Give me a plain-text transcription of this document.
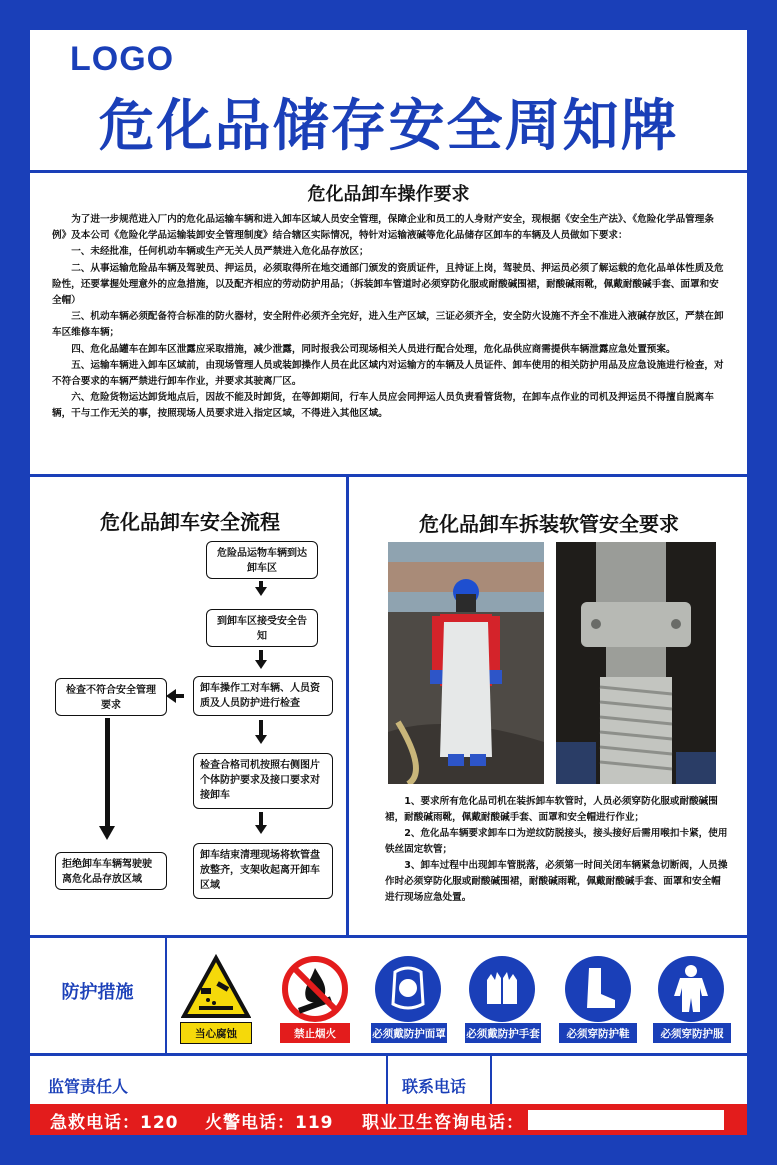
LOGO
危化品储存安全周知牌
危化品卸车操作要求

为了进一步规范进入厂内的危化品运输车辆和进入卸车区域人员安全管理，保障企业和员工的人身财产安全，现根据《安全生产法》、《危险化学品管理条例》及本公司《危险化学品运输装卸安全管理制度》结合辖区实际情况，特针对运输液碱等危化品储存区卸车的车辆及人员做如下要求：

一、未经批准，任何机动车辆或生产无关人员严禁进入危化品存放区；

二、从事运输危险品车辆及驾驶员、押运员，必须取得所在地交通部门颁发的资质证件，且持证上岗，驾驶员、押运员必须了解运载的危化品单体性质及危险性，还要掌握处理意外的应急措施，以及配齐相应的劳动防护用品；（拆装卸车管道时必须穿防化服或耐酸碱围裙，耐酸碱雨靴，佩戴耐酸碱手套、面罩和安全帽）

三、机动车辆必须配备符合标准的防火器材，安全附件必须齐全完好，进入生产区域，三证必须齐全，安全防火设施不齐全不准进入液碱存放区，严禁在卸车区维修车辆；

四、危化品罐车在卸车区泄露应采取措施，减少泄露，同时报我公司现场相关人员进行配合处理，危化品供应商需提供车辆泄露应急处置预案。

五、运输车辆进入卸车区域前，由现场管理人员或装卸操作人员在此区域内对运输方的车辆及人员证件、卸车使用的相关防护用品及应急设施进行检查，对不符合要求的车辆严禁进行卸车作业，并要求其驶离厂区。

六、危险货物运达卸货地点后，因故不能及时卸货，在等卸期间，行车人员应会同押运人员负责看管货物，在卸车点作业的司机及押运员不得擅自脱离车辆，干与工作无关的事，按照现场人员要求进入指定区域，不得进入其他区域。

危化品卸车安全流程
危险品运物车辆到达卸车区
到卸车区接受安全告知
卸车操作工对车辆、人员资质及人员防护进行检查
检查合格司机按照右侧图片个体防护要求及接口要求对接卸车
卸车结束清理现场将软管盘放整齐，支架收起离开卸车区域
检查不符合安全管理要求
拒绝卸车车辆驾驶驶离危化品存放区域
危化品卸车拆装软管安全要求

1、要求所有危化品司机在装拆卸车软管时，人员必须穿防化服或耐酸碱围裙，耐酸碱雨靴，佩戴耐酸碱手套、面罩和安全帽进行作业；

2、危化品车辆要求卸车口为逆纹防脱接头，接头接好后需用喉扣卡紧，使用铁丝固定软管；

3、卸车过程中出现卸车管脱落，必须第一时间关闭车辆紧急切断阀，人员操作时必须穿防化服或耐酸碱围裙，耐酸碱雨靴，佩戴耐酸碱手套、面罩和安全帽进行现场应急处置。

防护措施
当心腐蚀	禁止烟火	必须戴防护面罩 必须戴防护手套	必须穿防护鞋	必须穿防护服
监管责任人	联系电话
急救电话：120 火警电话：119 职业卫生咨询电话：
